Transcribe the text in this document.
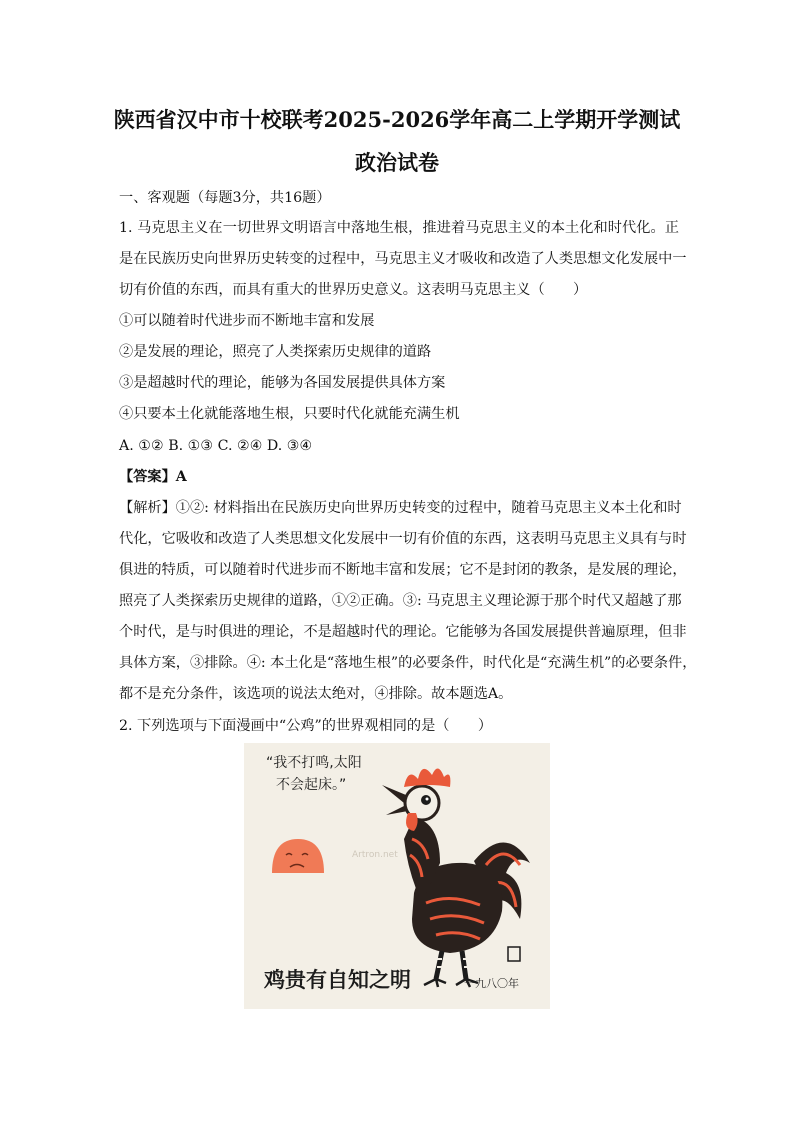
陕西省汉中市十校联考2025-2026学年高二上学期开学测试
政治试卷
一、客观题（每题3分，共16题）
1. 马克思主义在一切世界文明语言中落地生根，推进着马克思主义的本土化和时代化。正
是在民族历史向世界历史转变的过程中，马克思主义才吸收和改造了人类思想文化发展中一
切有价值的东西，而具有重大的世界历史意义。这表明马克思主义（　　）
①可以随着时代进步而不断地丰富和发展
②是发展的理论，照亮了人类探索历史规律的道路
③是超越时代的理论，能够为各国发展提供具体方案
④只要本土化就能落地生根，只要时代化就能充满生机
A. ①② B. ①③ C. ②④ D. ③④
【答案】A
【解析】①②: 材料指出在民族历史向世界历史转变的过程中，随着马克思主义本土化和时
代化，它吸收和改造了人类思想文化发展中一切有价值的东西，这表明马克思主义具有与时
俱进的特质，可以随着时代进步而不断地丰富和发展；它不是封闭的教条，是发展的理论，
照亮了人类探索历史规律的道路，①②正确。③: 马克思主义理论源于那个时代又超越了那
个时代，是与时俱进的理论，不是超越时代的理论。它能够为各国发展提供普遍原理，但非
具体方案，③排除。④: 本土化是“落地生根”的必要条件，时代化是“充满生机”的必要条件，
都不是充分条件，该选项的说法太绝对，④排除。故本题选A。
2. 下列选项与下面漫画中“公鸡”的世界观相同的是（　　）
“我不打鸣,太阳
不会起床。”
Artron.net
鸡贵有自知之明	一九八〇年
